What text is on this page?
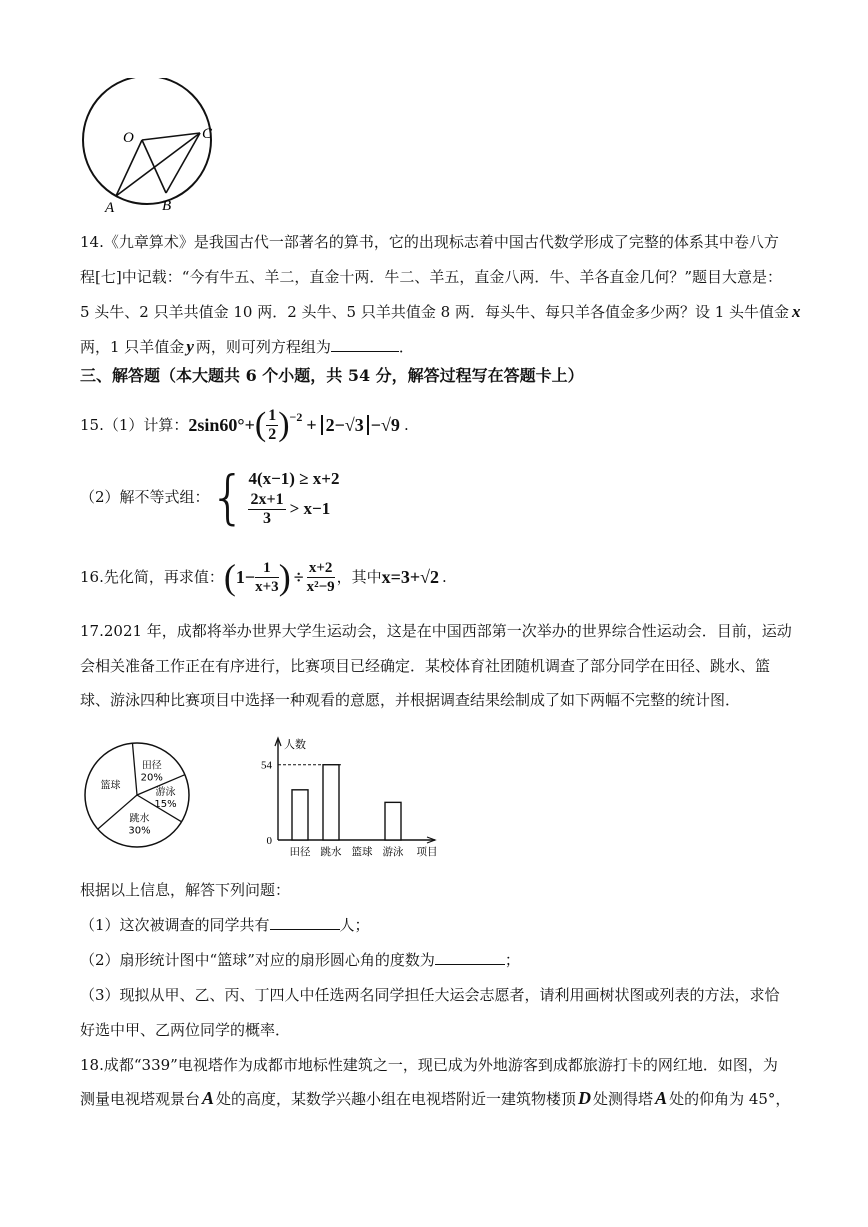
O	C
A	B
14.《九章算术》是我国古代一部著名的算书，它的出现标志着中国古代数学形成了完整的体系其中卷八方
程[七]中记载：“今有牛五、羊二，直金十两．牛二、羊五，直金八两．牛、羊各直金几何？”题目大意是：
5 头牛、2 只羊共值金 10 两．2 头牛、5 只羊共值金 8 两．每头牛、每只羊各值金多少两？设 1 头牛值金 x
两，1 只羊值金 y 两，则可列方程组为	．
三、解答题（本大题共 6 个小题，共 54 分，解答过程写在答题卡上）
15.（1）计算： 2sin60°+ ( $\frac{1}{2} )^{-2} + 2-√3 -√9$ .
（2）解不等式组： { 4(x−1) ≥ x+2
$\frac{2x+1}{3} > x-1$
16.先化简，再求值： ( $1- \frac{1}{x+3}$ ) ÷ $\frac{x+2}{\text{x²−9}}$ ，其中 x=3+√2 .
17.2021 年，成都将举办世界大学生运动会，这是在中国西部第一次举办的世界综合性运动会．目前，运动
会相关准备工作正在有序进行，比赛项目已经确定．某校体育社团随机调查了部分同学在田径、跳水、篮
球、游泳四种比赛项目中选择一种观看的意愿，并根据调查结果绘制成了如下两幅不完整的统计图．
田径
20%
游泳
15%
跳水
30%
篮球
人数
54
0
田径 跳水 篮球 游泳 项目
根据以上信息，解答下列问题：
（1）这次被调查的同学共有	人；
（2）扇形统计图中“篮球”对应的扇形圆心角的度数为	；
（3）现拟从甲、乙、丙、丁四人中任选两名同学担任大运会志愿者，请利用画树状图或列表的方法，求恰
好选中甲、乙两位同学的概率．
18.成都“339”电视塔作为成都市地标性建筑之一，现已成为外地游客到成都旅游打卡的网红地．如图，为
测量电视塔观景台 A 处的高度，某数学兴趣小组在电视塔附近一建筑物楼顶 D 处测得塔 A 处的仰角为 45°，
